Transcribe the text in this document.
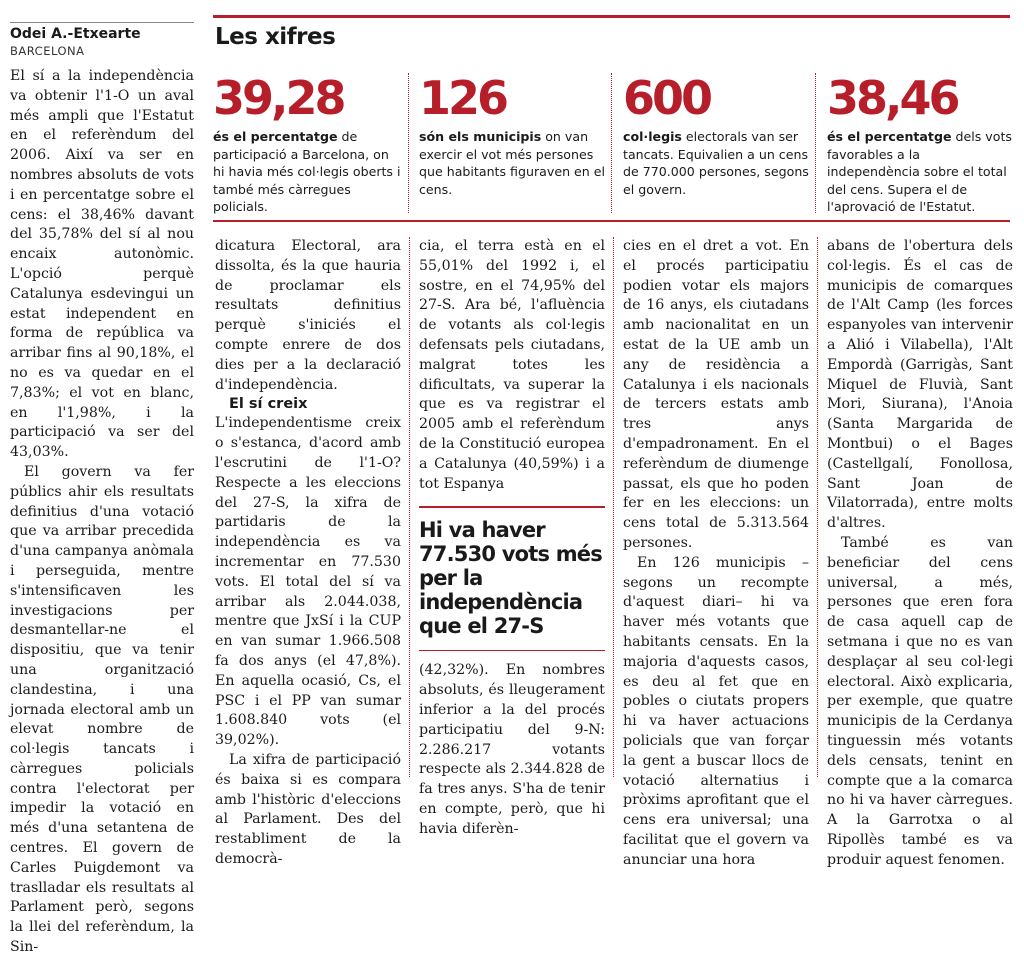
Odei A.-Etxearte

BARCELONA

El sí a la independència va obtenir l'1-O un aval més ampli que l'Estatut en el referèndum del 2006. Així va ser en nombres absoluts de vots i en percentatge sobre el cens: el 38,46% davant del 35,78% del sí al nou encaix autonòmic. L'opció perquè Catalunya esdevingui un estat independent en forma de república va arribar fins al 90,18%, el no es va quedar en el 7,83%; el vot en blanc, en l'1,98%, i la participació va ser del 43,03%.

El govern va fer públics ahir els resultats definitius d'una votació que va arribar precedida d'una campanya anòmala i perseguida, mentre s'intensificaven les investigacions per desmantellar-ne el dispositiu, que va tenir una organització clandestina, i una jornada electoral amb un elevat nombre de col·legis tancats i càrregues policials contra l'electorat per impedir la votació en més d'una setantena de centres. El govern de Carles Puigdemont va traslladar els resultats al Parlament però, segons la llei del referèndum, la Sin-

Les xifres

39,28

és el percentatge de participació a Barcelona, on hi havia més col·legis oberts i també més càrregues policials.

126

són els municipis on van exercir el vot més persones que habitants figuraven en el cens.

600

col·legis electorals van ser tancats. Equivalien a un cens de 770.000 persones, segons el govern.

38,46

és el percentatge dels vots favorables a la independència sobre el total del cens. Supera el de l'aprovació de l'Estatut.

dicatura Electoral, ara dissolta, és la que hauria de proclamar els resultats definitius perquè s'iniciés el compte enrere de dos dies per a la declaració d'independència.

El sí creix

L'independentisme creix o s'estanca, d'acord amb l'escrutini de l'1-O? Respecte a les eleccions del 27-S, la xifra de partidaris de la independència es va incrementar en 77.530 vots. El total del sí va arribar als 2.044.038, mentre que JxSí i la CUP en van sumar 1.966.508 fa dos anys (el 47,8%). En aquella ocasió, Cs, el PSC i el PP van sumar 1.608.840 vots (el 39,02%).

La xifra de participació és baixa si es compara amb l'històric d'eleccions al Parlament. Des del restabliment de la democrà-

cia, el terra està en el 55,01% del 1992 i, el sostre, en el 74,95% del 27-S. Ara bé, l'afluència de votants als col·legis defensats pels ciutadans, malgrat totes les dificultats, va superar la que es va registrar el 2005 amb el referèndum de la Constitució europea a Catalunya (40,59%) i a tot Espanya

Hi va haver 77.530 vots més per la independència que el 27-S

(42,32%). En nombres absoluts, és lleugerament inferior a la del procés participatiu del 9-N: 2.286.217 votants respecte als 2.344.828 de fa tres anys. S'ha de tenir en compte, però, que hi havia diferèn-

cies en el dret a vot. En el procés participatiu podien votar els majors de 16 anys, els ciutadans amb nacionalitat en un estat de la UE amb un any de residència a Catalunya i els nacionals de tercers estats amb tres anys d'empadronament. En el referèndum de diumenge passat, els que ho poden fer en les eleccions: un cens total de 5.313.564 persones.

En 126 municipis –segons un recompte d'aquest diari– hi va haver més votants que habitants censats. En la majoria d'aquests casos, es deu al fet que en pobles o ciutats propers hi va haver actuacions policials que van forçar la gent a buscar llocs de votació alternatius i pròxims aprofitant que el cens era universal; una facilitat que el govern va anunciar una hora

abans de l'obertura dels col·legis. És el cas de municipis de comarques de l'Alt Camp (les forces espanyoles van intervenir a Alió i Vilabella), l'Alt Empordà (Garrigàs, Sant Miquel de Fluvià, Sant Mori, Siurana), l'Anoia (Santa Margarida de Montbui) o el Bages (Castellgalí, Fonollosa, Sant Joan de Vilatorrada), entre molts d'altres.

També es van beneficiar del cens universal, a més, persones que eren fora de casa aquell cap de setmana i que no es van desplaçar al seu col·legi electoral. Això explicaria, per exemple, que quatre municipis de la Cerdanya tinguessin més votants dels censats, tenint en compte que a la comarca no hi va haver càrregues. A la Garrotxa o al Ripollès també es va produir aquest fenomen.
